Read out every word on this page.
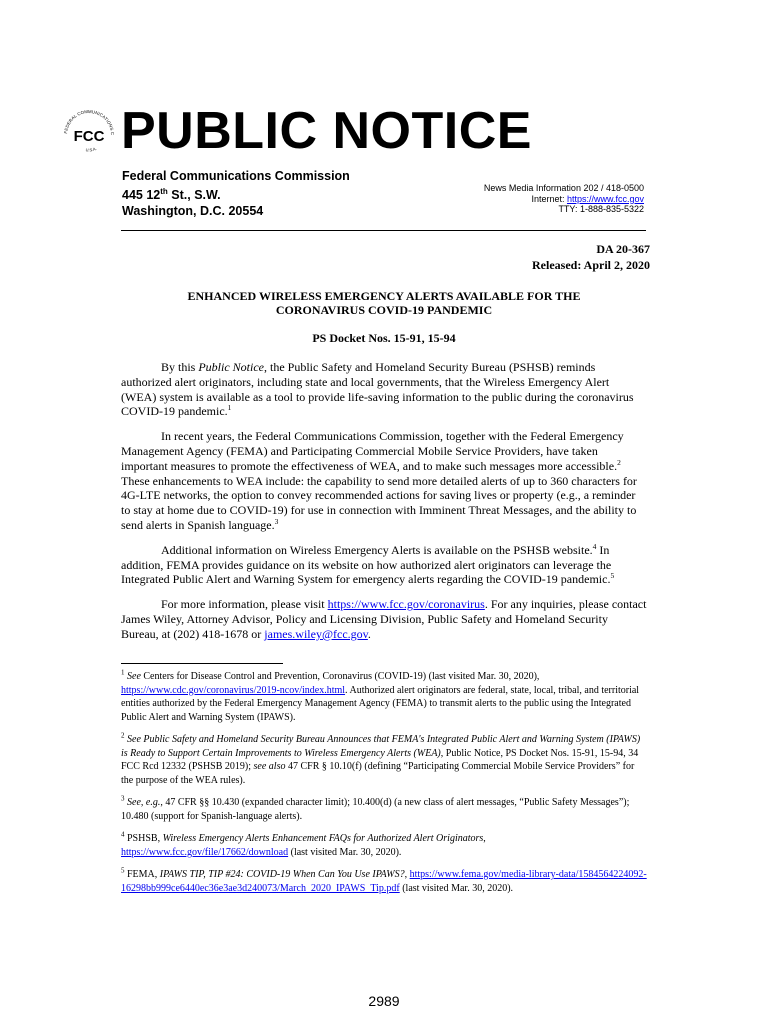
FEDERAL COMMUNICATIONS C
U.S.A.
FCC PUBLIC NOTICE
Federal Communications Commission
445 12th St., S.W.
Washington, D.C. 20554
News Media Information 202 / 418-0500
Internet: https://www.fcc.gov
TTY: 1-888-835-5322
DA 20-367
Released: April 2, 2020
ENHANCED WIRELESS EMERGENCY ALERTS AVAILABLE FOR THE
CORONAVIRUS COVID-19 PANDEMIC
PS Docket Nos. 15-91, 15-94

By this Public Notice, the Public Safety and Homeland Security Bureau (PSHSB) reminds authorized alert originators, including state and local governments, that the Wireless Emergency Alert (WEA) system is available as a tool to provide life-saving information to the public during the coronavirus COVID-19 pandemic.$^1$

In recent years, the Federal Communications Commission, together with the Federal Emergency Management Agency (FEMA) and Participating Commercial Mobile Service Providers, have taken important measures to promote the effectiveness of WEA, and to make such messages more accessible.$^2$ These enhancements to WEA include: the capability to send more detailed alerts of up to 360 characters for 4G-LTE networks, the option to convey recommended actions for saving lives or property (e.g., a reminder to stay at home due to COVID-19) for use in connection with Imminent Threat Messages, and the ability to send alerts in Spanish language.$^3$

Additional information on Wireless Emergency Alerts is available on the PSHSB website.$^4$ In addition, FEMA provides guidance on its website on how authorized alert originators can leverage the Integrated Public Alert and Warning System for emergency alerts regarding the COVID-19 pandemic.$^5$

For more information, please visit https://www.fcc.gov/coronavirus. For any inquiries, please contact James Wiley, Attorney Advisor, Policy and Licensing Division, Public Safety and Homeland Security Bureau, at (202) 418-1678 or james.wiley@fcc.gov.

$^1$ See Centers for Disease Control and Prevention, Coronavirus (COVID-19) (last visited Mar. 30, 2020), https://www.cdc.gov/coronavirus/2019-ncov/index.html. Authorized alert originators are federal, state, local, tribal, and territorial entities authorized by the Federal Emergency Management Agency (FEMA) to transmit alerts to the public using the Integrated Public Alert and Warning System (IPAWS).

$^2$ See Public Safety and Homeland Security Bureau Announces that FEMA's Integrated Public Alert and Warning System (IPAWS) is Ready to Support Certain Improvements to Wireless Emergency Alerts (WEA), Public Notice, PS Docket Nos. 15-91, 15-94, 34 FCC Rcd 12332 (PSHSB 2019); see also 47 CFR § 10.10(f) (defining “Participating Commercial Mobile Service Providers” for the purpose of the WEA rules).

$^3$ See, e.g., 47 CFR §§ 10.430 (expanded character limit); 10.400(d) (a new class of alert messages, “Public Safety Messages”); 10.480 (support for Spanish-language alerts).

$^4$ PSHSB, Wireless Emergency Alerts Enhancement FAQs for Authorized Alert Originators, https://www.fcc.gov/file/17662/download (last visited Mar. 30, 2020).

$^5$ FEMA, IPAWS TIP, TIP #24: COVID-19 When Can You Use IPAWS?, https://www.fema.gov/media-library-data/1584564224092-16298bb999ce6440ec36e3ae3d240073/March_2020_IPAWS_Tip.pdf (last visited Mar. 30, 2020).

2989
